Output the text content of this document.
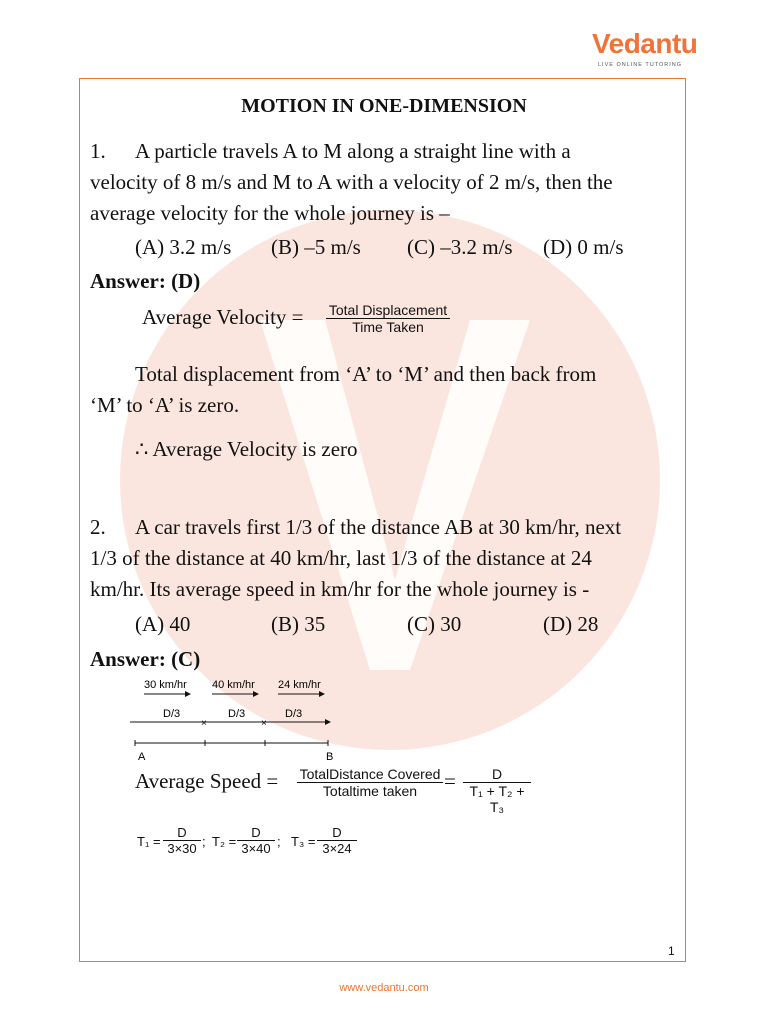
Vedantu
LIVE ONLINE TUTORING
MOTION IN ONE-DIMENSION
1. A particle travels A to M along a straight line with a
velocity of 8 m/s and M to A with a velocity of 2 m/s, then the
average velocity for the whole journey is –
(A) 3.2 m/s (B) –5 m/s (C) –3.2 m/s (D) 0 m/s
Answer: (D)
Average Velocity = Total Displacement
Time Taken
Total displacement from ‘A’ to ‘M’ and then back from
‘M’ to ‘A’ is zero.
∴ Average Velocity is zero
2. A car travels first 1/3 of the distance AB at 30 km/hr, next
1/3 of the distance at 40 km/hr, last 1/3 of the distance at 24
km/hr. Its average speed in km/hr for the whole journey is -
(A) 40	(B) 35	(C) 30	(D) 28
Answer: (C)
30 km/hr 40 km/hr 24 km/hr
D/3	D/3	D/3
×	×
A	B
Average Speed = TotalDistance Covered
Totaltime taken	= $\frac{D}{\text{T₁ + T₂ + T₃}}$
$T_1 = \frac{D}{3\times 30}$ ; $T_2 = \frac{D}{3\times 40}$ ; $T_3 = \frac{D}{3\times 24}$
1
www.vedantu.com
